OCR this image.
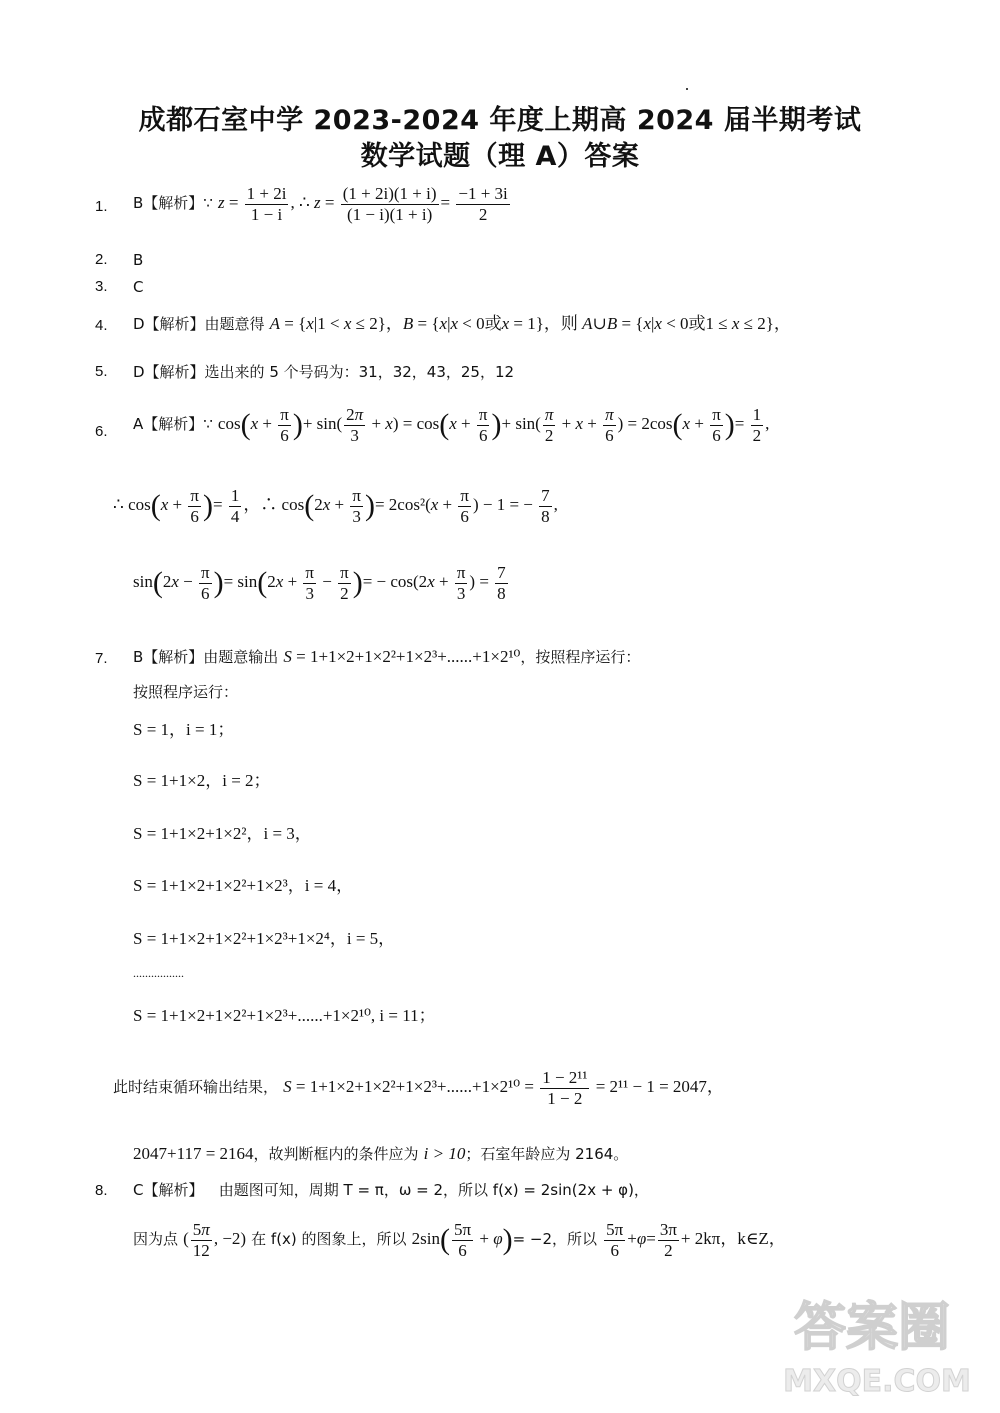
成都石室中学 2023-2024 年度上期高 2024 届半期考试
数学试题（理 A）答案
1. B【解析】∵ $z = \frac{1 + 2i}{1 - i}$ , ∴ $z = \frac{(1 + 2i)(1 + i)}{(1 - i)(1 + i)} = \frac{-1 + 3i}{2}$
2. B
3. C
4. D【解析】由题意得 A = {x|1 < x ≤ 2}，B = {x|x < 0或x = 1}，则 A∪B = {x|x < 0或1 ≤ x ≤ 2}，
5. D【解析】选出来的 5 个号码为：31，32，43，25，12
6. A【解析】∵ $\cos(x + \frac{\pi}{6}$ )+ $\sin( \frac{2\pi}{3} + x) = \cos(x + \frac{\pi}{6}$ )+ $\sin( \frac{\pi}{2} + x + \frac{\pi}{6}$ ) = $2\cos(x + \frac{\pi}{6}$ )= $\frac{1}{2}$ ,
∴ $\cos(x + \frac{\pi}{6}$ )= $\frac{1}{4}$ ，∴ $\cos(2x + \frac{\pi}{3}$ )= $2\cos^2(x + \frac{\pi}{6}$ ) − 1 = − $\frac{7}{8}$ ,
$\sin(2x - \frac{\pi}{6}$ )= $\sin(2x + \frac{\pi}{3} - \frac{\pi}{2}$ )= − $\cos(2x + \frac{\pi}{3}$ ) = $\frac{7}{8}$
7. B【解析】由题意输出 S = 1+1×2+1×2²+1×2³+......+1×2¹⁰，按照程序运行：
按照程序运行：
S = 1，i = 1；
S = 1+1×2，i = 2；
S = 1+1×2+1×2²，i = 3，
S = 1+1×2+1×2²+1×2³，i = 4，
S = 1+1×2+1×2²+1×2³+1×2⁴，i = 5，
.................
S = 1+1×2+1×2²+1×2³+......+1×2¹⁰, i = 11；
此时结束循环输出结果， $S = 1+1\times 2+1\times 2^2+1\times 2^3+......+1\times 2^{10} = \frac{\text{1 − 2¹¹}}{1 - 2} = 2^{11} - 1 = 2047$，
2047+117 = 2164，故判断框内的条件应为 i > 10；石室年龄应为 2164。
8. C【解析】 由题图可知，周期 T = π，ω = 2，所以 f(x) = 2sin(2x + φ)，
因为点 ( $\frac{5\pi}{12}$ , −2) 在 f(x) 的图象上，所以 $2\sin( \frac{5\pi}{6} + \varphi)= -2$，所以 $\frac{5\pi}{6} +\varphi= \frac{3\pi}{2} + 2k\pi$，k∈Z，
答案圈
MXQE.COM
